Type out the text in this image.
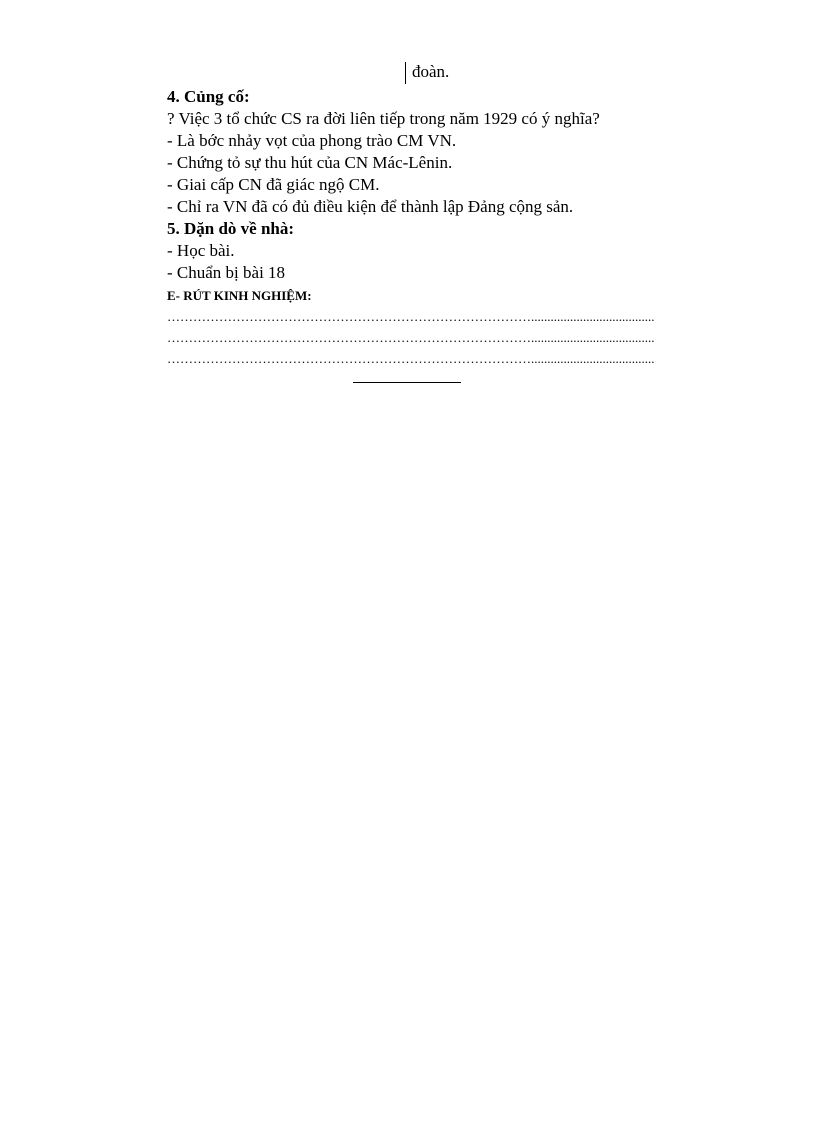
đoàn.
4. Củng cố:
? Việc 3 tổ chức CS ra đời liên tiếp trong năm 1929 có ý nghĩa?
- Là bớc nhảy vọt của phong trào CM VN.
- Chứng tỏ sự thu hút của CN Mác-Lênin.
- Giai cấp CN đã giác ngộ CM.
- Chỉ ra VN đã có đủ điều kiện để thành lập Đảng cộng sản.
5. Dặn dò về nhà:
- Học bài.
- Chuẩn bị bài 18
E- RÚT KINH NGHIỆM:
…………………………………………………………………………......................................
…………………………………………………………………………......................................
…………………………………………………………………………......................................
